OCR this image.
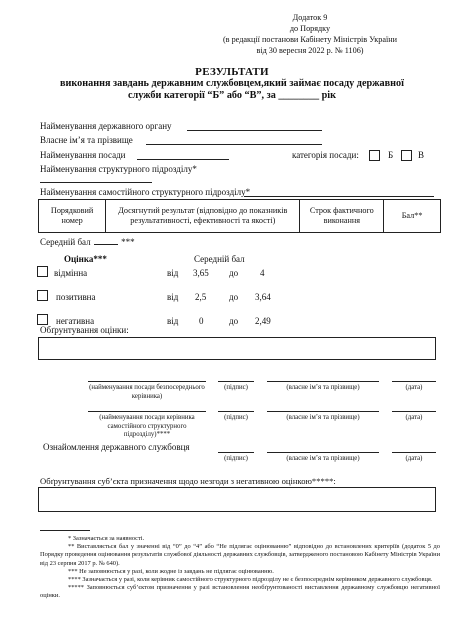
Додаток 9
до Порядку
(в редакції постанови Кабінету Міністрів України
від 30 вересня 2022 р. № 1106)
РЕЗУЛЬТАТИ
виконання завдань державним службовцем,який займає посаду державної
служби категорії “Б” або “В”, за ________ рік
Найменування державного органу
Власне ім’я та прізвище
Найменування посади	категорія посади:	Б	В
Найменування структурного підрозділу*
Найменування самостійного структурного підрозділу*
Порядковий номер	Досягнутий результат (відповідно до показників результативності, ефективності та якості)	Строк фактичного виконання	Бал**
Середній бал	***
Оцінка***	Середній бал
відмінна	від 3,65 до 4
позитивна	від 2,5	до 3,64
негативна	від 0	до 2,49
Обґрунтування оцінки:
(найменування посади безпосереднього керівника)
(підпис)	(власне ім’я та прізвище)	(дата)
(найменування посади керівника самостійного структурного підрозділу)****
(підпис)	(власне ім’я та прізвище)	(дата)
Ознайомлення державного службовця
(підпис)	(власне ім’я та прізвище)	(дата)
Обґрунтування суб’єкта призначення щодо незгоди з негативною оцінкою*****:
* Зазначається за наявності.
** Виставляється бал у значенні від “0” до “4” або “Не підлягає оцінюванню” відповідно до встановлених критеріїв (додаток 5 до Порядку проведення оцінювання результатів службової діяльності державних службовців, затвердженого постановою Кабінету Міністрів України від 23 серпня 2017 р. № 640).
*** Не заповнюється у разі, коли жодне із завдань не підлягає оцінюванню.
**** Зазначається у разі, коли керівник самостійного структурного підрозділу не є безпосереднім керівником державного службовця.
***** Заповнюється суб’єктом призначення у разі встановлення необґрунтованості виставлення державному службовцю негативної оцінки.
